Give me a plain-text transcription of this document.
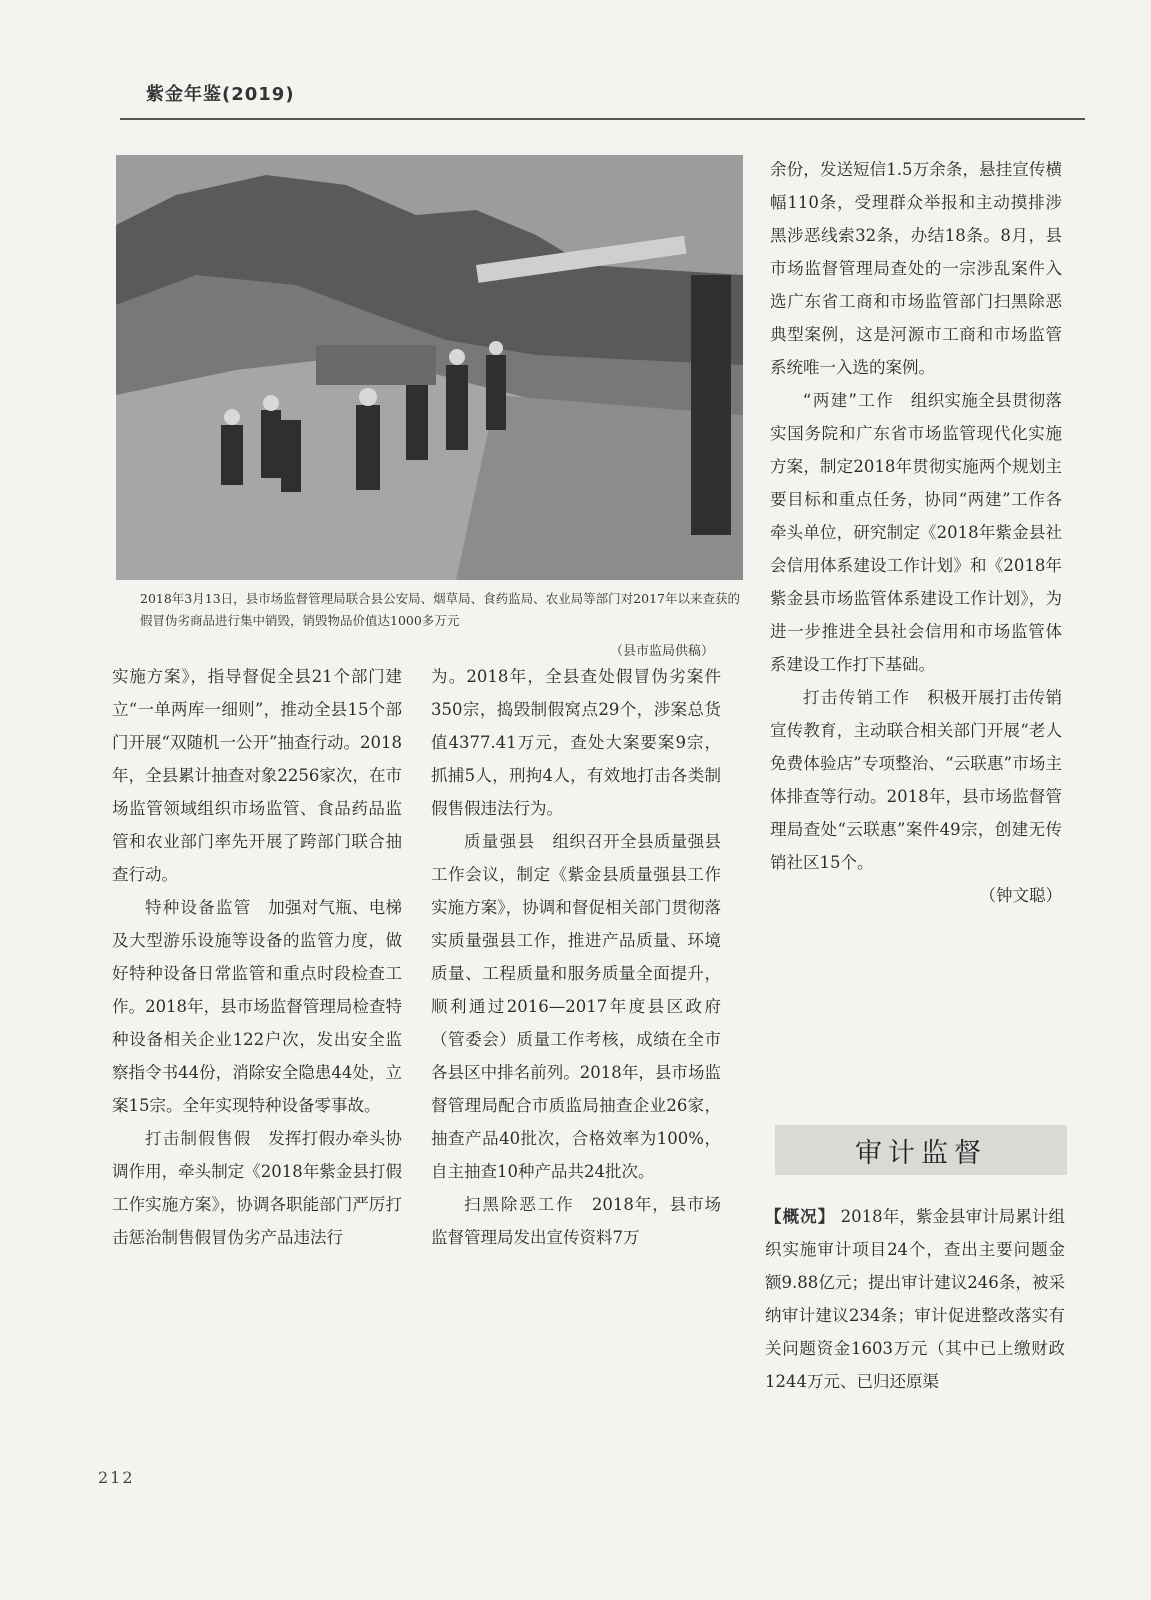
紫金年鉴(2019)
2018年3月13日，县市场监督管理局联合县公安局、烟草局、食药监局、农业局等部门对2017年以来查获的假冒伪劣商品进行集中销毁，销毁物品价值达1000多万元
（县市监局供稿）

实施方案》，指导督促全县21个部门建立“一单两库一细则”，推动全县15个部门开展“双随机一公开”抽查行动。2018年，全县累计抽查对象2256家次，在市场监管领域组织市场监管、食品药品监管和农业部门率先开展了跨部门联合抽查行动。

特种设备监管　 加强对气瓶、电梯及大型游乐设施等设备的监管力度，做好特种设备日常监管和重点时段检查工作。2018年，县市场监督管理局检查特种设备相关企业122户次，发出安全监察指令书44份，消除安全隐患44处，立案15宗。全年实现特种设备零事故。

打击制假售假　 发挥打假办牵头协调作用，牵头制定《2018年紫金县打假工作实施方案》，协调各职能部门严厉打击惩治制售假冒伪劣产品违法行

为。2018年，全县查处假冒伪劣案件350宗，捣毁制假窝点29个，涉案总货值4377.41万元，查处大案要案9宗，抓捕5人，刑拘4人，有效地打击各类制假售假违法行为。

质量强县　 组织召开全县质量强县工作会议，制定《紫金县质量强县工作实施方案》，协调和督促相关部门贯彻落实质量强县工作，推进产品质量、环境质量、工程质量和服务质量全面提升，顺利通过2016—2017年度县区政府（管委会）质量工作考核，成绩在全市各县区中排名前列。2018年，县市场监督管理局配合市质监局抽查企业26家，抽查产品40批次，合格效率为100%，自主抽查10种产品共24批次。

扫黑除恶工作　 2018年，县市场监督管理局发出宣传资料7万

余份，发送短信1.5万余条，悬挂宣传横幅110条，受理群众举报和主动摸排涉黑涉恶线索32条，办结18条。8月，县市场监督管理局查处的一宗涉乱案件入选广东省工商和市场监管部门扫黑除恶典型案例，这是河源市工商和市场监管系统唯一入选的案例。

“两建”工作　 组织实施全县贯彻落实国务院和广东省市场监管现代化实施方案，制定2018年贯彻实施两个规划主要目标和重点任务，协同“两建”工作各牵头单位，研究制定《2018年紫金县社会信用体系建设工作计划》和《2018年紫金县市场监管体系建设工作计划》，为进一步推进全县社会信用和市场监管体系建设工作打下基础。

打击传销工作　 积极开展打击传销宣传教育，主动联合相关部门开展“老人免费体验店”专项整治、“云联惠”市场主体排查等行动。2018年，县市场监督管理局查处“云联惠”案件49宗，创建无传销社区15个。

（钟文聪）

审计监督

【概况】 2018年，紫金县审计局累计组织实施审计项目24个，查出主要问题金额9.88亿元；提出审计建议246条，被采纳审计建议234条；审计促进整改落实有关问题资金1603万元（其中已上缴财政1244万元、已归还原渠

212
